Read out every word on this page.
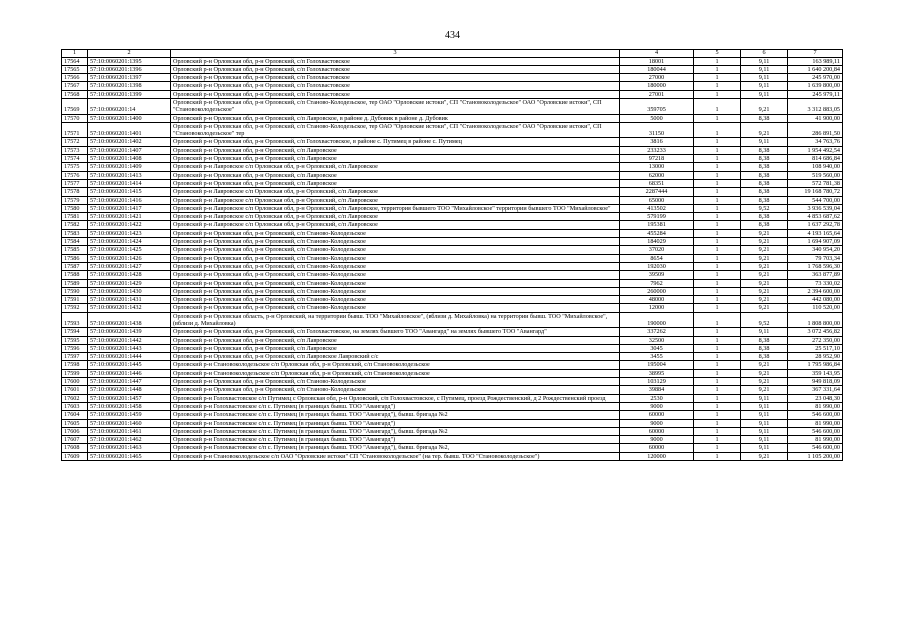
434
1	2	3	4	5	6	7
17564	57:10:0060201:1395	Орловский р-н Орловская обл, р-н Орловский, с/п Голохвастовское	18001	1	9,11	163 989,11
17565	57:10:0060201:1396	Орловский р-н Орловская обл, р-н Орловский, с/п Голохвастовское	180044	1	9,11	1 640 200,84
17566	57:10:0060201:1397	Орловский р-н Орловская обл, р-н Орловский, с/п Голохвастовское	27000	1	9,11	245 970,00
17567	57:10:0060201:1398	Орловский р-н Орловская обл, р-н Орловский, с/п Голохвастовское	180000	1	9,11	1 639 800,00
17568	57:10:0060201:1399	Орловский р-н Орловская обл, р-н Орловский, с/п Голохвастовское	27001	1	9,11	245 979,11
17569	57:10:0060201:14	Орловский р-н Орловская обл, р-н Орловский, с/п Станово-Колодезьское, тер ОАО "Орловские истоки", СП "Становоколодезьское" ОАО "Орловские истоки", СП "Становоколодезьское"	359705	1	9,21	3 312 883,05
17570	57:10:0060201:1400	Орловский р-н Орловская обл, р-н Орловский, с/п Лавровское, в районе д. Дубовик в районе д. Дубовик	5000	1	8,38	41 900,00
17571	57:10:0060201:1401	Орловский р-н Орловская обл, р-н Орловский, с/п Станово-Колодезьское, тер ОАО "Орловские истоки", СП "Становоколодезьское" ОАО "Орловские истоки", СП "Становоколодезьское" тер	31150	1	9,21	286 891,50
17572	57:10:0060201:1402	Орловский р-н Орловская обл, р-н Орловский, с/п Голохвастовское, в районе с. Путимец в районе с. Путимец	3816	1	9,11	34 763,76
17573	57:10:0060201:1407	Орловский р-н Орловская обл, р-н Орловский, с/п Лавровское	233233	1	8,38	1 954 492,54
17574	57:10:0060201:1408	Орловский р-н Орловская обл, р-н Орловский, с/п Лавровское	97218	1	8,38	814 686,84
17575	57:10:0060201:1409	Орловский р-н Лавровское с/п Орловская обл, р-н Орловский, с/п Лавровское	13000	1	8,38	108 940,00
17576	57:10:0060201:1413	Орловский р-н Орловская обл, р-н Орловский, с/п Лавровское	62000	1	8,38	519 560,00
17577	57:10:0060201:1414	Орловский р-н Орловская обл, р-н Орловский, с/п Лавровское	68351	1	8,38	572 781,38
17578	57:10:0060201:1415	Орловский р-н Лавровское с/п Орловская обл, р-н Орловский, с/п Лавровское	2287444	1	8,38	19 168 780,72
17579	57:10:0060201:1416	Орловский р-н Лавровское с/п Орловская обл, р-н Орловский, с/п Лавровское	65000	1	8,38	544 700,00
17580	57:10:0060201:1417	Орловский р-н Лавровское с/п Орловская обл, р-н Орловский, с/п Лавровское, территория бывшего ТОО "Михайловское" территории бывшего ТОО "Михайловское"	413502	1	9,52	3 936 539,04
17581	57:10:0060201:1421	Орловский р-н Лавровское с/п Орловская обл, р-н Орловский, с/п Лавровское	579199	1	8,38	4 853 687,62
17582	57:10:0060201:1422	Орловский р-н Лавровское с/п Орловская обл, р-н Орловский, с/п Лавровское	195381	1	8,38	1 637 292,78
17583	57:10:0060201:1423	Орловский р-н Орловская обл, р-н Орловский, с/п Станово-Колодезьское	455284	1	9,21	4 193 165,64
17584	57:10:0060201:1424	Орловский р-н Орловская обл, р-н Орловский, с/п Станово-Колодезьское	184029	1	9,21	1 694 907,09
17585	57:10:0060201:1425	Орловский р-н Орловская обл, р-н Орловский, с/п Станово-Колодезьское	37020	1	9,21	340 954,20
17586	57:10:0060201:1426	Орловский р-н Орловская обл, р-н Орловский, с/п Станово-Колодезьское	8654	1	9,21	79 703,34
17587	57:10:0060201:1427	Орловский р-н Орловская обл, р-н Орловский, с/п Станово-Колодезьское	192030	1	9,21	1 768 596,30
17588	57:10:0060201:1428	Орловский р-н Орловская обл, р-н Орловский, с/п Станово-Колодезьское	39509	1	9,21	363 877,89
17589	57:10:0060201:1429	Орловский р-н Орловская обл, р-н Орловский, с/п Станово-Колодезьское	7962	1	9,21	73 330,02
17590	57:10:0060201:1430	Орловский р-н Орловская обл, р-н Орловский, с/п Станово-Колодезьское	260000	1	9,21	2 394 600,00
17591	57:10:0060201:1431	Орловский р-н Орловская обл, р-н Орловский, с/п Станово-Колодезьское	48000	1	9,21	442 080,00
17592	57:10:0060201:1432	Орловский р-н Орловская обл, р-н Орловский, с/п Станово-Колодезьское	12000	1	9,21	110 520,00
17593	57:10:0060201:1438	Орловский р-н Орловская область, р-н Орловский, на территории бывш. ТОО "Михайловское", (вблизи д. Михайловка) на территории бывш. ТОО "Михайловское", (вблизи д. Михайловка)	190000	1	9,52	1 808 800,00
17594	57:10:0060201:1439	Орловский р-н Орловская обл, р-н Орловский, с/п Голохвастовское, на землях бывшего ТОО "Авангард" на землях бывшего ТОО "Авангард"	337262	1	9,11	3 072 456,82
17595	57:10:0060201:1442	Орловский р-н Орловская обл, р-н Орловский, с/п Лавровское	32500	1	8,38	272 350,00
17596	57:10:0060201:1443	Орловский р-н Орловская обл, р-н Орловский, с/п Лавровское	3045	1	8,38	25 517,10
17597	57:10:0060201:1444	Орловский р-н Орловская обл, р-н Орловский, с/п Лавровское Лавровский с/с	3455	1	8,38	28 952,90
17598	57:10:0060201:1445	Орловский р-н Становоколодезьское с/п Орловская обл, р-н Орловский, с/п Становоколодезьское	195004	1	9,21	1 795 986,84
17599	57:10:0060201:1446	Орловский р-н Становоколодезьское с/п Орловская обл, р-н Орловский, с/п Становоколодезьское	38995	1	9,21	359 143,95
17600	57:10:0060201:1447	Орловский р-н Орловская обл, р-н Орловский, с/п Станово-Колодезьское	103129	1	9,21	949 818,09
17601	57:10:0060201:1448	Орловский р-н Орловская обл, р-н Орловский, с/п Станово-Колодезьское	39884	1	9,21	367 331,64
17602	57:10:0060201:1457	Орловский р-н Голохвастовское с/п Путимец с Орловская обл, р-н Орловский, с/п Голохвастовское, с Путимец, проезд Рождественский, д 2 Рождественский проезд	2530	1	9,11	23 048,30
17603	57:10:0060201:1458	Орловский р-н Голохвастовское с/п с. Путимец (в границах бывш. ТОО "Авангард")	9000	1	9,11	81 990,00
17604	57:10:0060201:1459	Орловский р-н Голохвастовское с/п с. Путимец (в границах бывш. ТОО "Авангард"), бывш. бригада №2	60000	1	9,11	546 600,00
17605	57:10:0060201:1460	Орловский р-н Голохвастовское с/п с. Путимец (в границах бывш. ТОО "Авангард")	9000	1	9,11	81 990,00
17606	57:10:0060201:1461	Орловский р-н Голохвастовское с/п с. Путимец (в границах бывш. ТОО "Авангард"), бывш. бригада №2	60000	1	9,11	546 600,00
17607	57:10:0060201:1462	Орловский р-н Голохвастовское с/п с. Путимец (в границах бывш. ТОО "Авангард")	9000	1	9,11	81 990,00
17608	57:10:0060201:1463	Орловский р-н Голохвастовское с/п с. Путимец (в границах бывш. ТОО "Авангард"), бывш. бригада №2,	60000	1	9,11	546 600,00
17609	57:10:0060201:1465	Орловский р-н Становоколодезьское с/п ОАО "Орловские истоки" СП "Становоколодезьское" (на тер. бывш. ТОО "Становоколодезьское")	120000	1	9,21	1 105 200,00
